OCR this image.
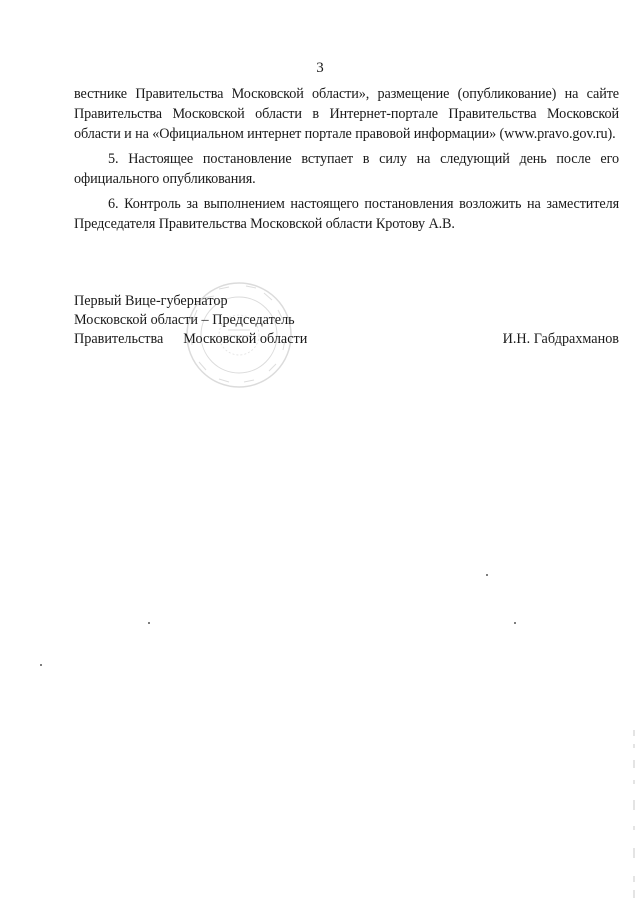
3

вестнике Правительства Московской области», размещение (опубликование) на сайте Правительства Московской области в Интернет-портале Правительства Московской области и на «Официальном интернет портале правовой информации» (www.pravo.gov.ru).

5. Настоящее постановление вступает в силу на следующий день после его официального опубликования.

6. Контроль за выполнением настоящего постановления возложить на заместителя Председателя Правительства Московской области Кротову А.В.

Первый Вице-губернатор
Московской области – Председатель
Правительства Московской области	И.Н. Габдрахманов
